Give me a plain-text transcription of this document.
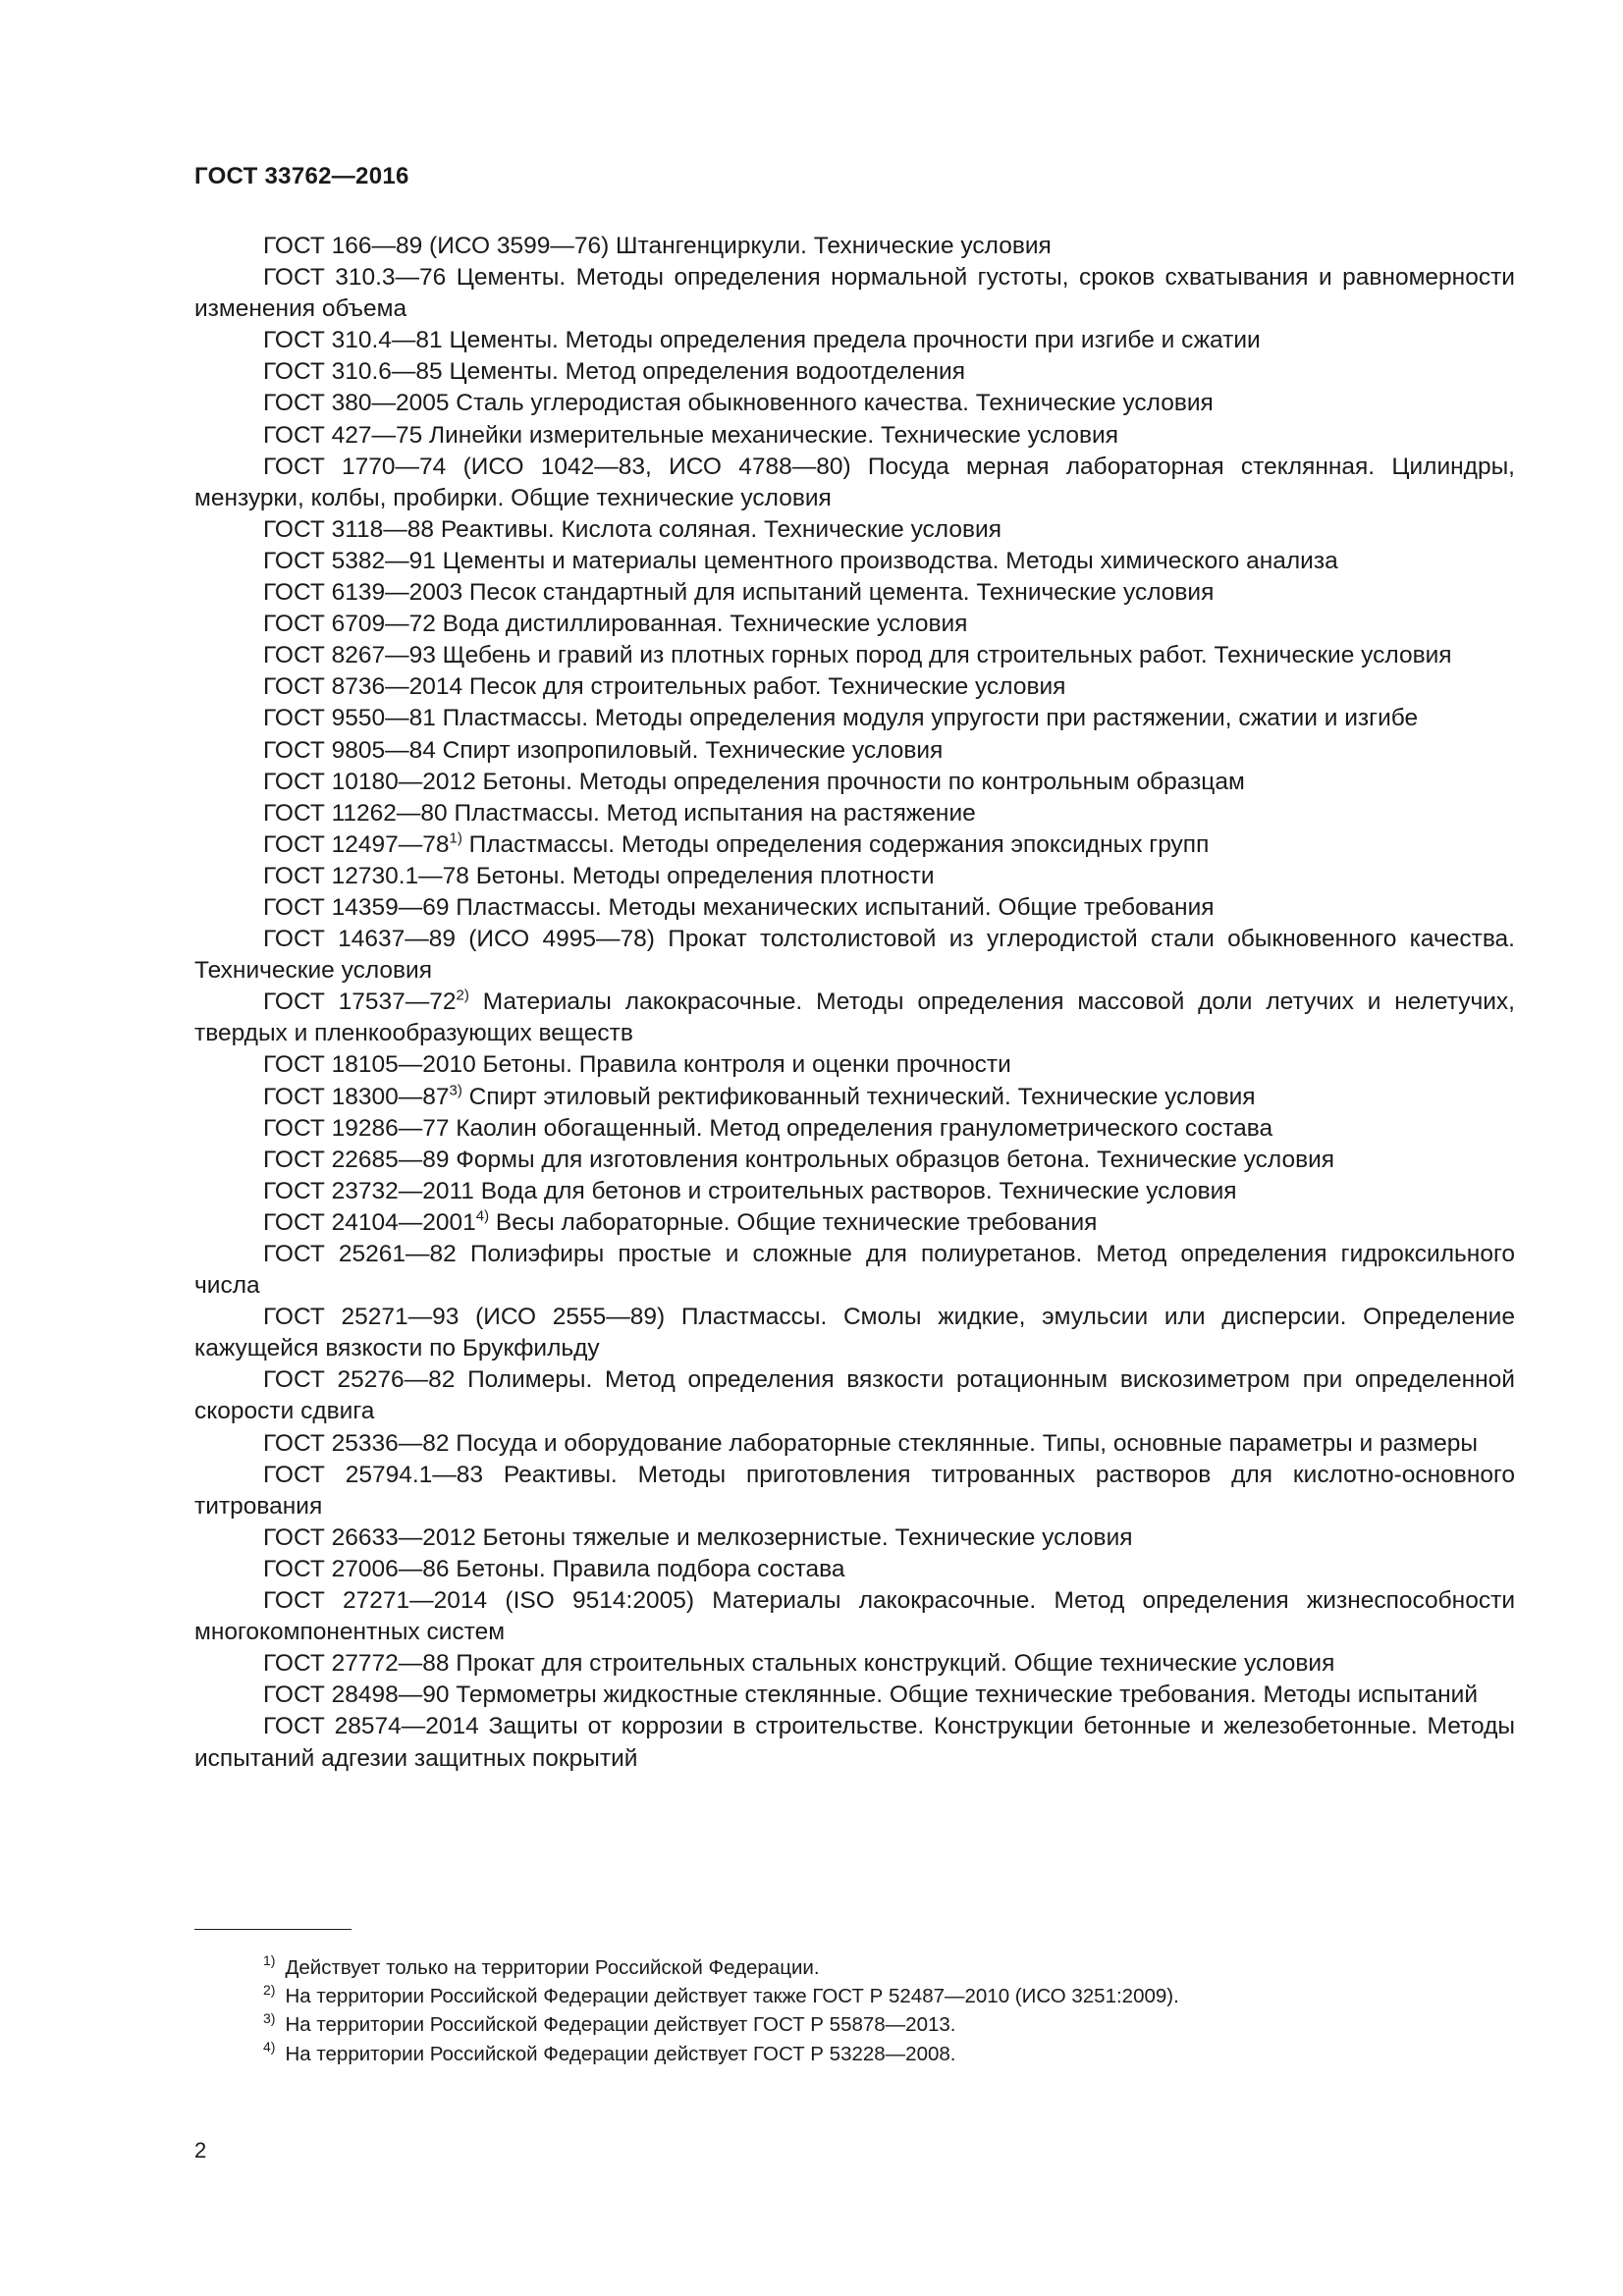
ГОСТ 33762—2016

ГОСТ 166—89 (ИСО 3599—76) Штангенциркули. Технические условия

ГОСТ 310.3—76 Цементы. Методы определения нормальной густоты, сроков схватывания и равномерности изменения объема

ГОСТ 310.4—81 Цементы. Методы определения предела прочности при изгибе и сжатии

ГОСТ 310.6—85 Цементы. Метод определения водоотделения

ГОСТ 380—2005 Сталь углеродистая обыкновенного качества. Технические условия

ГОСТ 427—75 Линейки измерительные механические. Технические условия

ГОСТ 1770—74 (ИСО 1042—83, ИСО 4788—80) Посуда мерная лабораторная стеклянная. Цилиндры, мензурки, колбы, пробирки. Общие технические условия

ГОСТ 3118—88 Реактивы. Кислота соляная. Технические условия

ГОСТ 5382—91 Цементы и материалы цементного производства. Методы химического анализа

ГОСТ 6139—2003 Песок стандартный для испытаний цемента. Технические условия

ГОСТ 6709—72 Вода дистиллированная. Технические условия

ГОСТ 8267—93 Щебень и гравий из плотных горных пород для строительных работ. Технические условия

ГОСТ 8736—2014 Песок для строительных работ. Технические условия

ГОСТ 9550—81 Пластмассы. Методы определения модуля упругости при растяжении, сжатии и изгибе

ГОСТ 9805—84 Спирт изопропиловый. Технические условия

ГОСТ 10180—2012 Бетоны. Методы определения прочности по контрольным образцам

ГОСТ 11262—80 Пластмассы. Метод испытания на растяжение

ГОСТ 12497—78$^{1)}$ Пластмассы. Методы определения содержания эпоксидных групп

ГОСТ 12730.1—78 Бетоны. Методы определения плотности

ГОСТ 14359—69 Пластмассы. Методы механических испытаний. Общие требования

ГОСТ 14637—89 (ИСО 4995—78) Прокат толстолистовой из углеродистой стали обыкновенного качества. Технические условия

ГОСТ 17537—72$^{2)}$ Материалы лакокрасочные. Методы определения массовой доли летучих и нелетучих, твердых и пленкообразующих веществ

ГОСТ 18105—2010 Бетоны. Правила контроля и оценки прочности

ГОСТ 18300—87$^{3)}$ Спирт этиловый ректификованный технический. Технические условия

ГОСТ 19286—77 Каолин обогащенный. Метод определения гранулометрического состава

ГОСТ 22685—89 Формы для изготовления контрольных образцов бетона. Технические условия

ГОСТ 23732—2011 Вода для бетонов и строительных растворов. Технические условия

ГОСТ 24104—2001$^{4)}$ Весы лабораторные. Общие технические требования

ГОСТ 25261—82 Полиэфиры простые и сложные для полиуретанов. Метод определения гидроксильного числа

ГОСТ 25271—93 (ИСО 2555—89) Пластмассы. Смолы жидкие, эмульсии или дисперсии. Определение кажущейся вязкости по Брукфильду

ГОСТ 25276—82 Полимеры. Метод определения вязкости ротационным вискозиметром при определенной скорости сдвига

ГОСТ 25336—82 Посуда и оборудование лабораторные стеклянные. Типы, основные параметры и размеры

ГОСТ 25794.1—83 Реактивы. Методы приготовления титрованных растворов для кислотно-основного титрования

ГОСТ 26633—2012 Бетоны тяжелые и мелкозернистые. Технические условия

ГОСТ 27006—86 Бетоны. Правила подбора состава

ГОСТ 27271—2014 (ISO 9514:2005) Материалы лакокрасочные. Метод определения жизнеспособности многокомпонентных систем

ГОСТ 27772—88 Прокат для строительных стальных конструкций. Общие технические условия

ГОСТ 28498—90 Термометры жидкостные стеклянные. Общие технические требования. Методы испытаний

ГОСТ 28574—2014 Защиты от коррозии в строительстве. Конструкции бетонные и железобетонные. Методы испытаний адгезии защитных покрытий

$^{1)}$ Действует только на территории Российской Федерации.

$^{2)}$ На территории Российской Федерации действует также ГОСТ Р 52487—2010 (ИСО 3251:2009).

$^{3)}$ На территории Российской Федерации действует ГОСТ Р 55878—2013.

$^{4)}$ На территории Российской Федерации действует ГОСТ Р 53228—2008.

2
